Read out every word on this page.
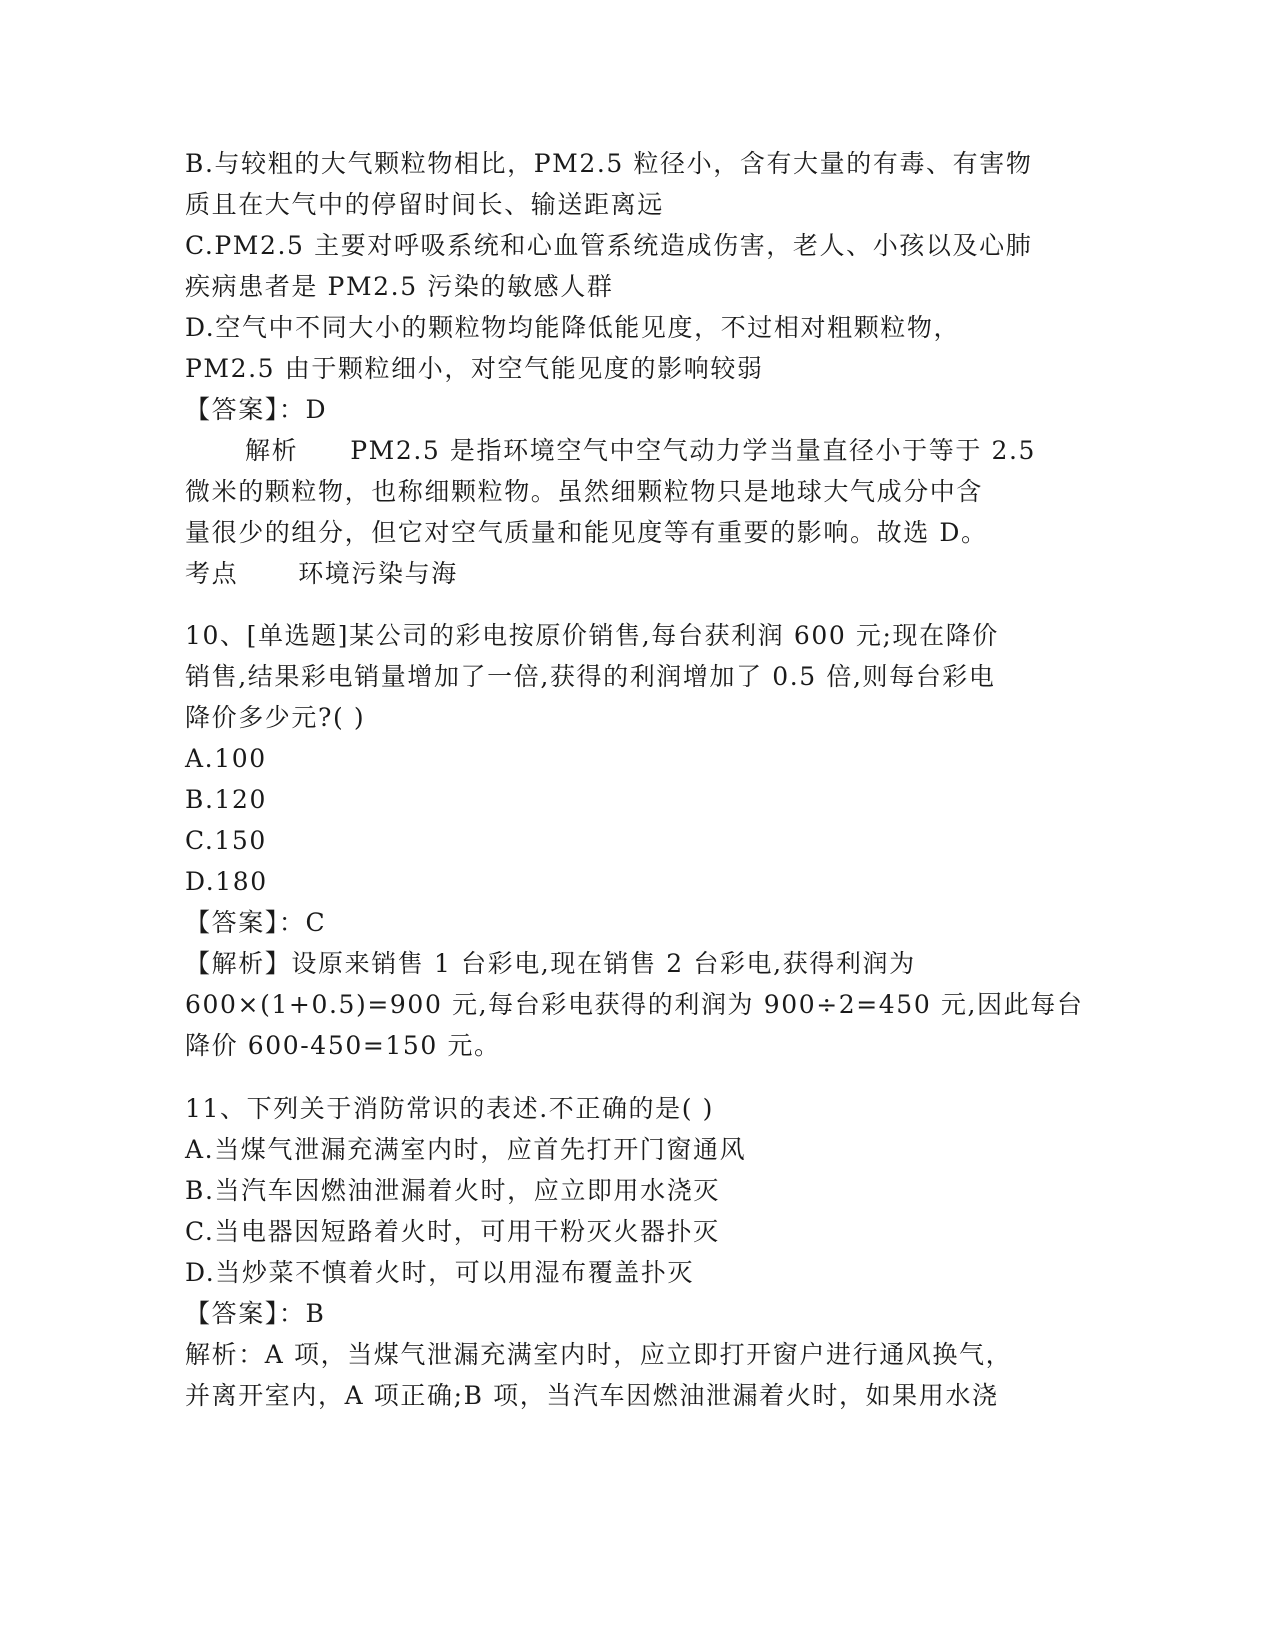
B.与较粗的大气颗粒物相比，PM2.5 粒径小，含有大量的有毒、有害物
质且在大气中的停留时间长、输送距离远
C.PM2.5 主要对呼吸系统和心血管系统造成伤害，老人、小孩以及心肺
疾病患者是 PM2.5 污染的敏感人群
D.空气中不同大小的颗粒物均能降低能见度，不过相对粗颗粒物，
PM2.5 由于颗粒细小，对空气能见度的影响较弱
【答案】：D
解析 PM2.5 是指环境空气中空气动力学当量直径小于等于 2.5
微米的颗粒物，也称细颗粒物。虽然细颗粒物只是地球大气成分中含
量很少的组分，但它对空气质量和能见度等有重要的影响。故选 D。
考点 环境污染与海
10、[单选题]某公司的彩电按原价销售,每台获利润 600 元;现在降价
销售,结果彩电销量增加了一倍,获得的利润增加了 0.5 倍,则每台彩电
降价多少元?( )
A.100
B.120
C.150
D.180
【答案】：C
【解析】设原来销售 1 台彩电,现在销售 2 台彩电,获得利润为
600×(1+0.5)=900 元,每台彩电获得的利润为 900÷2=450 元,因此每台
降价 600-450=150 元。
11、下列关于消防常识的表述.不正确的是( )
A.当煤气泄漏充满室内时，应首先打开门窗通风
B.当汽车因燃油泄漏着火时，应立即用水浇灭
C.当电器因短路着火时，可用干粉灭火器扑灭
D.当炒菜不慎着火时，可以用湿布覆盖扑灭
【答案】：B
解析：A 项，当煤气泄漏充满室内时，应立即打开窗户进行通风换气，
并离开室内，A 项正确;B 项，当汽车因燃油泄漏着火时，如果用水浇
